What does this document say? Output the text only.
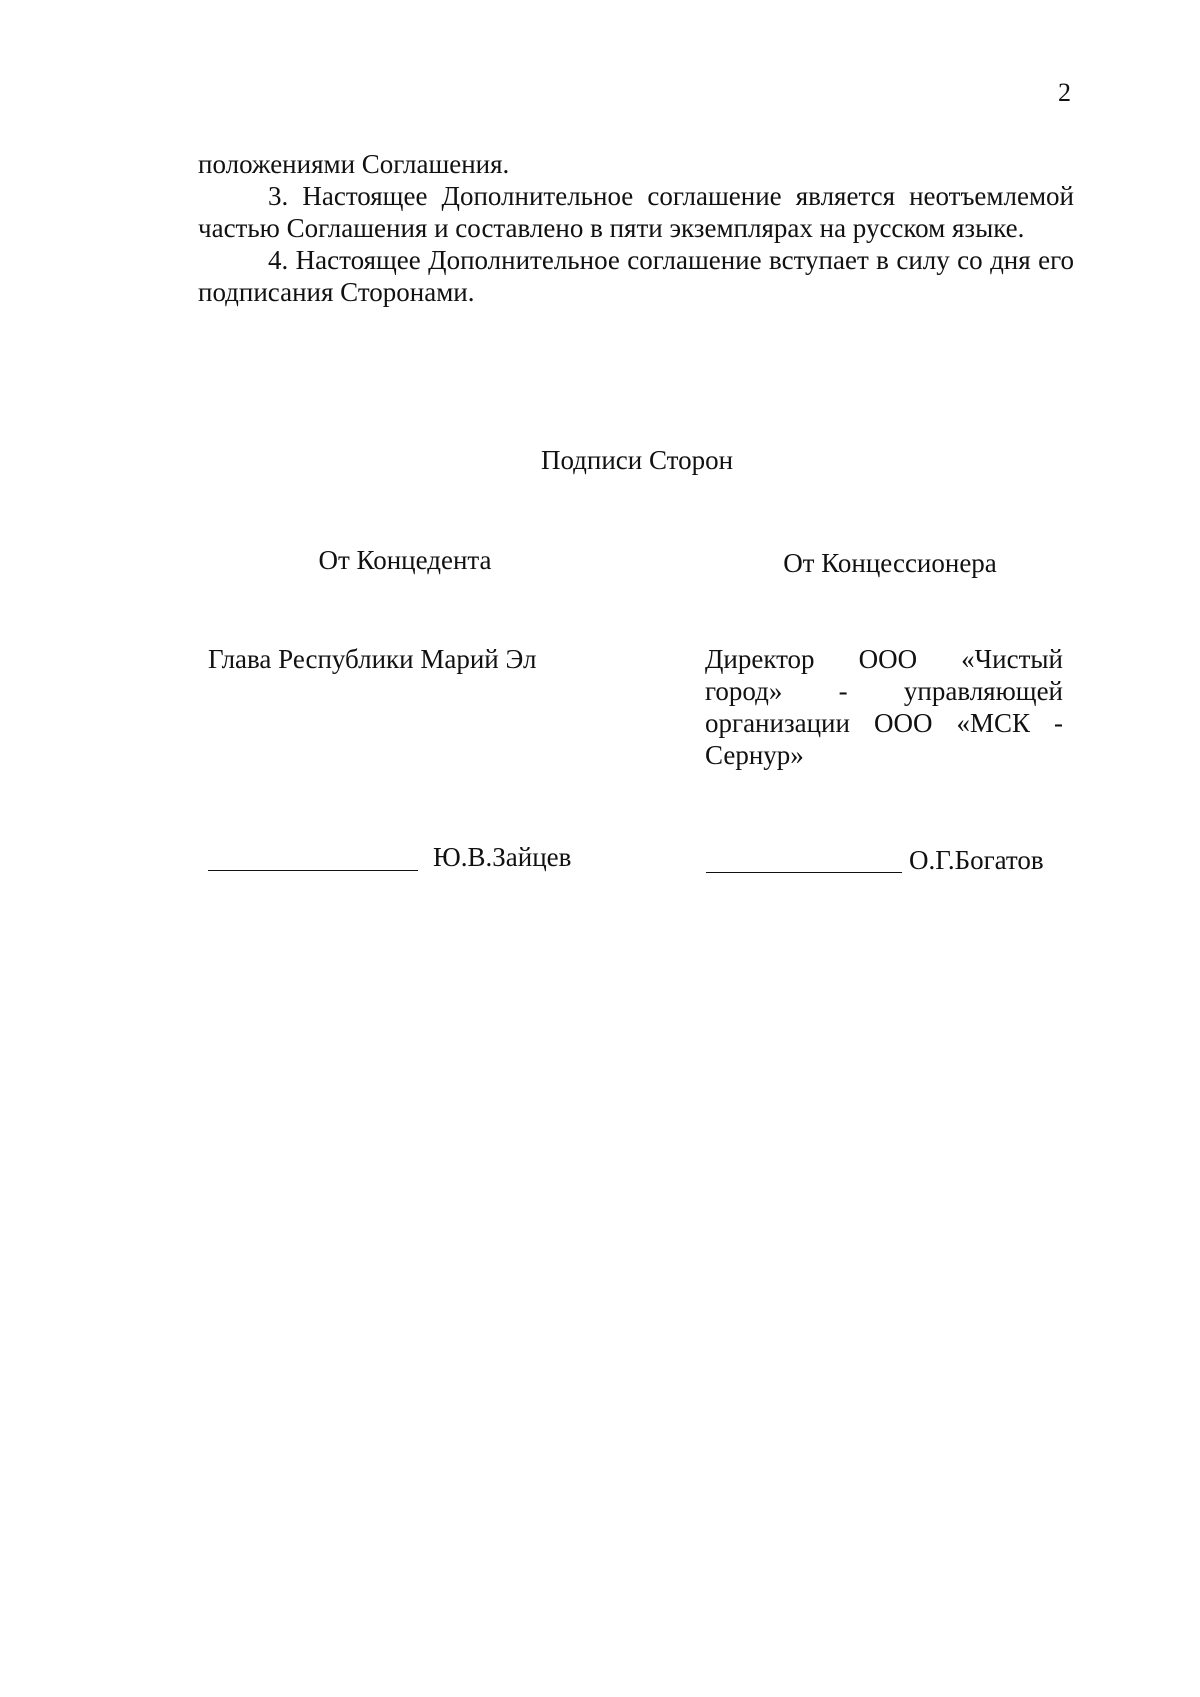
2

положениями Соглашения.

3. Настоящее Дополнительное соглашение является неотъемлемой частью Соглашения и составлено в пяти экземплярах на русском языке.

4. Настоящее Дополнительное соглашение вступает в силу со дня его подписания Сторонами.

Подписи Сторон
От Концедента	От Концессионера
Глава Республики Марий Эл	Директор ООО «Чистый город» - управляющей организации ООО «МСК - Сернур»
Ю.В.Зайцев	О.Г.Богатов
